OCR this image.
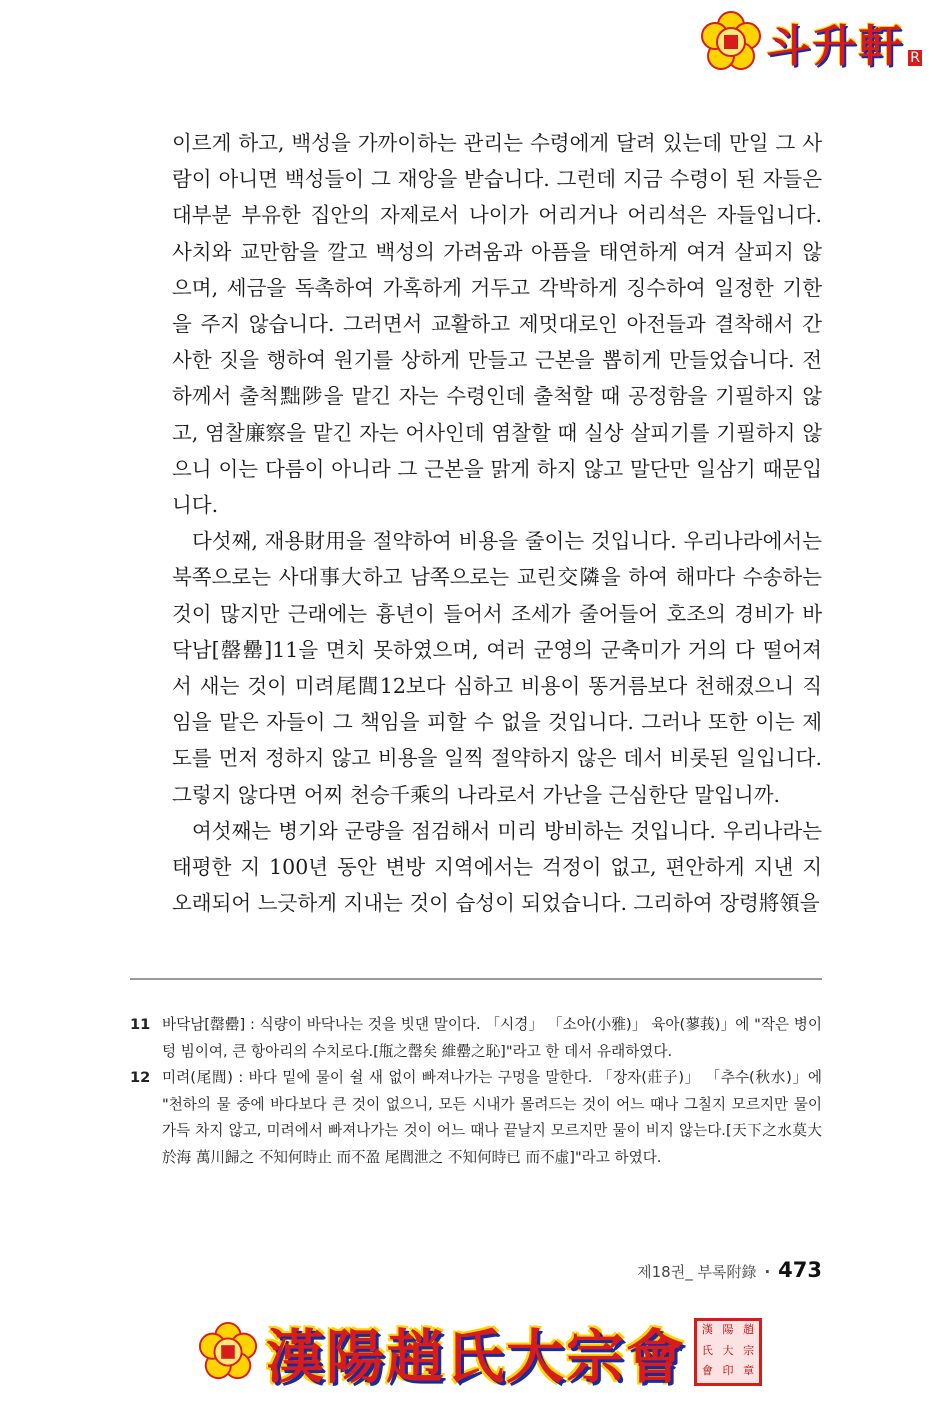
斗升軒 R

이르게 하고, 백성을 가까이하는 관리는 수령에게 달려 있는데 만일 그 사람이 아니면 백성들이 그 재앙을 받습니다. 그런데 지금 수령이 된 자들은 대부분 부유한 집안의 자제로서 나이가 어리거나 어리석은 자들입니다. 사치와 교만함을 깔고 백성의 가려움과 아픔을 태연하게 여겨 살피지 않으며, 세금을 독촉하여 가혹하게 거두고 각박하게 징수하여 일정한 기한을 주지 않습니다. 그러면서 교활하고 제멋대로인 아전들과 결착해서 간사한 짓을 행하여 원기를 상하게 만들고 근본을 뽑히게 만들었습니다. 전하께서 출척黜陟을 맡긴 자는 수령인데 출척할 때 공정함을 기필하지 않고, 염찰廉察을 맡긴 자는 어사인데 염찰할 때 실상 살피기를 기필하지 않으니 이는 다름이 아니라 그 근본을 맑게 하지 않고 말단만 일삼기 때문입니다.

다섯째, 재용財用을 절약하여 비용을 줄이는 것입니다. 우리나라에서는 북쪽으로는 사대事大하고 남쪽으로는 교린交隣을 하여 해마다 수송하는 것이 많지만 근래에는 흉년이 들어서 조세가 줄어들어 호조의 경비가 바닥남[罄罍]11을 면치 못하였으며, 여러 군영의 군축미가 거의 다 떨어져서 새는 것이 미려尾閭12보다 심하고 비용이 똥거름보다 천해졌으니 직임을 맡은 자들이 그 책임을 피할 수 없을 것입니다. 그러나 또한 이는 제도를 먼저 정하지 않고 비용을 일찍 절약하지 않은 데서 비롯된 일입니다. 그렇지 않다면 어찌 천승千乘의 나라로서 가난을 근심한단 말입니까.

여섯째는 병기와 군량을 점검해서 미리 방비하는 것입니다. 우리나라는 태평한 지 100년 동안 변방 지역에서는 걱정이 없고, 편안하게 지낸 지 오래되어 느긋하게 지내는 것이 습성이 되었습니다. 그리하여 장령將領을

11 바닥남[罄罍] : 식량이 바닥나는 것을 빗댄 말이다. 「시경」 「소아(小雅)」 육아(蓼莪)」에 "작은 병이 텅 빔이여, 큰 항아리의 수치로다.[甁之罄矣 維罍之恥]"라고 한 데서 유래하였다.
12 미려(尾閭) : 바다 밑에 물이 쉴 새 없이 빠져나가는 구멍을 말한다. 「장자(莊子)」 「추수(秋水)」에 "천하의 물 중에 바다보다 큰 것이 없으니, 모든 시내가 몰려드는 것이 어느 때나 그칠지 모르지만 물이 가득 차지 않고, 미려에서 빠져나가는 것이 어느 때나 끝날지 모르지만 물이 비지 않는다.[天下之水莫大於海 萬川歸之 不知何時止 而不盈 尾閭泄之 不知何時已 而不虛]"라고 하였다.
제18권_ 부록附錄 · 473
漢陽趙氏大宗會	漢 陽 趙
氏 大 宗
會 印 章
